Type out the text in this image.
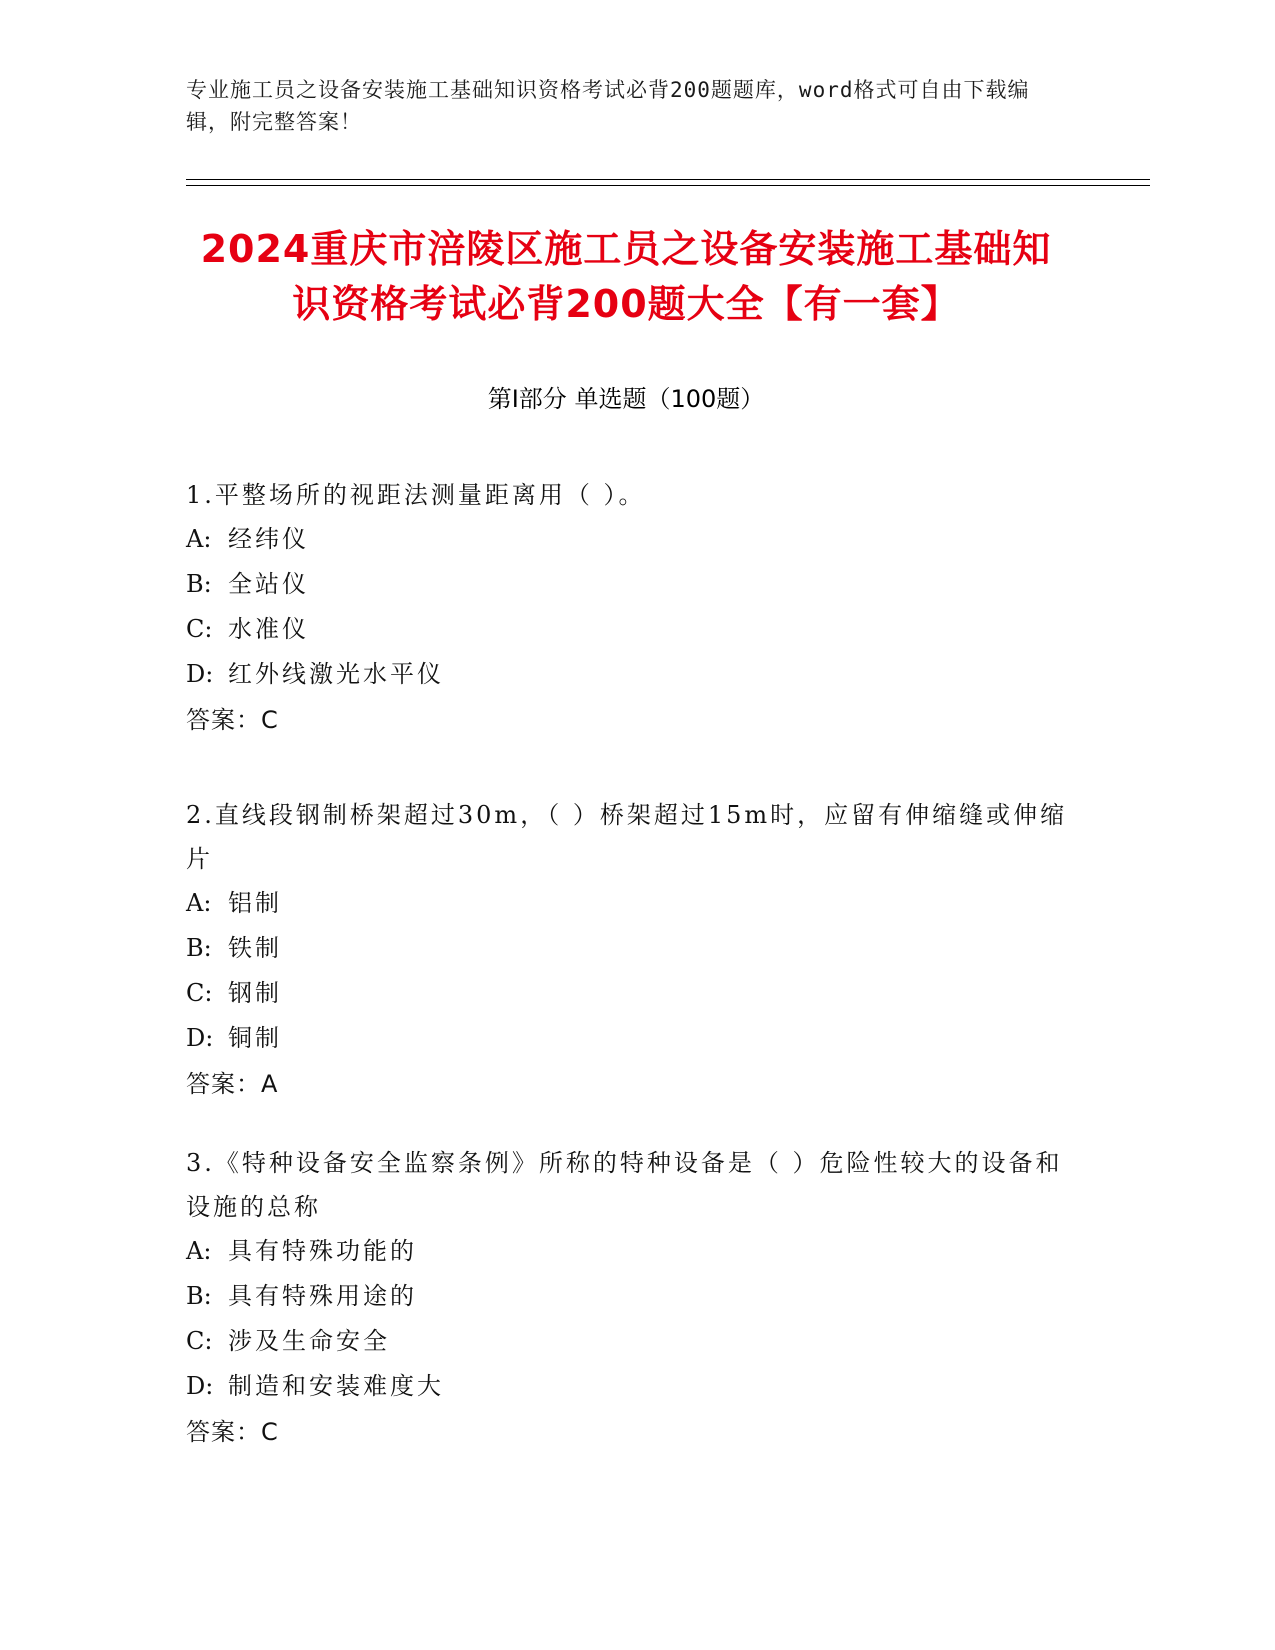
专业施工员之设备安装施工基础知识资格考试必背200题题库，word格式可自由下载编辑，附完整答案！
2024重庆市涪陵区施工员之设备安装施工基础知识资格考试必背200题大全【有一套】
第Ⅰ部分 单选题（100题）

1.平整场所的视距法测量距离用（ ）。

A: 经纬仪

B: 全站仪

C: 水准仪

D: 红外线激光水平仪

答案：C

2.直线段钢制桥架超过30m，（ ）桥架超过15m时，应留有伸缩缝或伸缩片

A: 铝制

B: 铁制

C: 钢制

D: 铜制

答案：A

3.《特种设备安全监察条例》所称的特种设备是（ ）危险性较大的设备和设施的总称

A: 具有特殊功能的

B: 具有特殊用途的

C: 涉及生命安全

D: 制造和安装难度大

答案：C
